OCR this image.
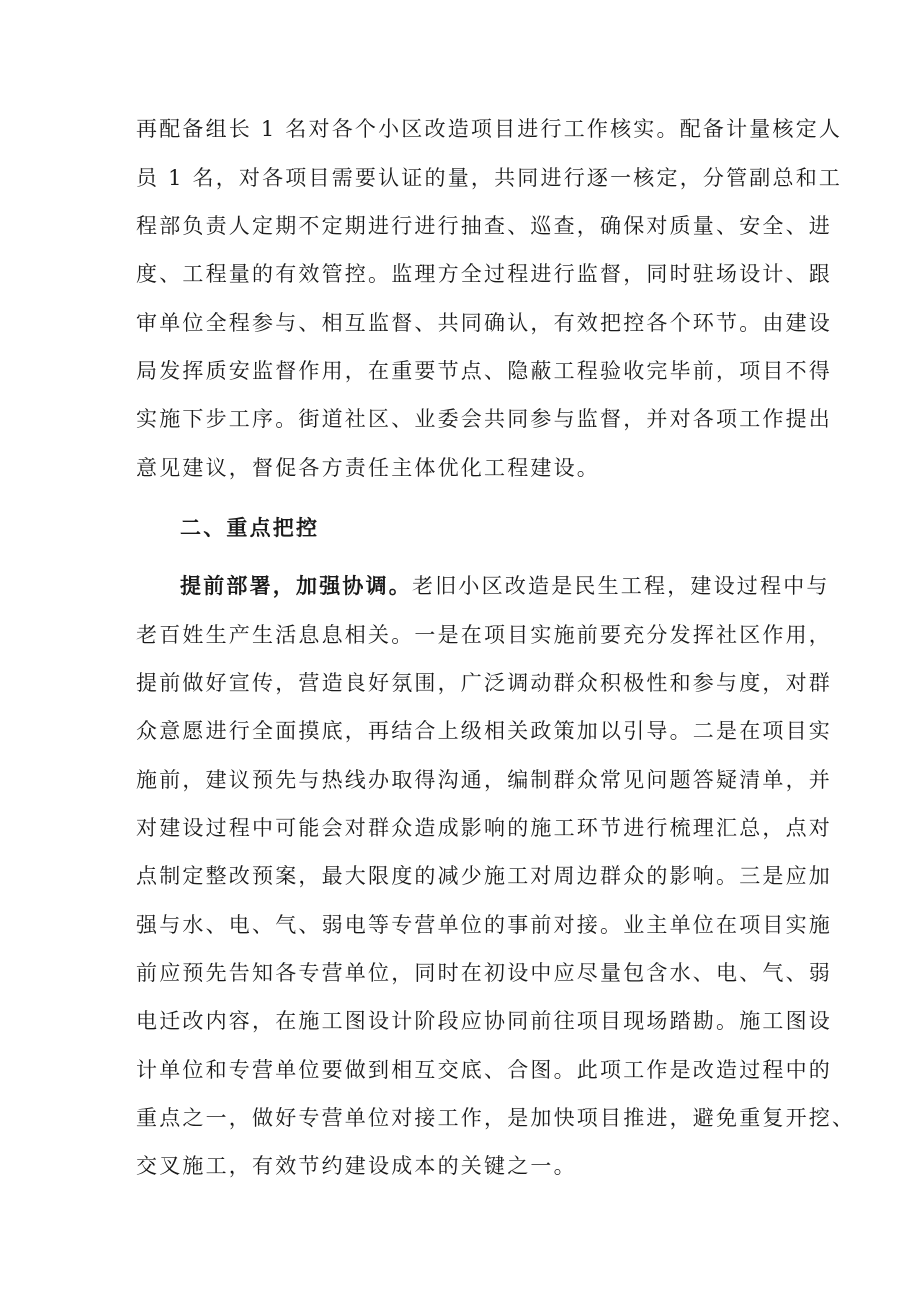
再配备组长 1 名对各个小区改造项目进行工作核实。配备计量核定人
员 1 名，对各项目需要认证的量，共同进行逐一核定，分管副总和工
程部负责人定期不定期进行进行抽查、巡查，确保对质量、安全、进
度、工程量的有效管控。监理方全过程进行监督，同时驻场设计、跟
审单位全程参与、相互监督、共同确认，有效把控各个环节。由建设
局发挥质安监督作用，在重要节点、隐蔽工程验收完毕前，项目不得
实施下步工序。街道社区、业委会共同参与监督，并对各项工作提出
意见建议，督促各方责任主体优化工程建设。
二、重点把控
提前部署，加强协调。老旧小区改造是民生工程，建设过程中与
老百姓生产生活息息相关。一是在项目实施前要充分发挥社区作用，
提前做好宣传，营造良好氛围，广泛调动群众积极性和参与度，对群
众意愿进行全面摸底，再结合上级相关政策加以引导。二是在项目实
施前，建议预先与热线办取得沟通，编制群众常见问题答疑清单，并
对建设过程中可能会对群众造成影响的施工环节进行梳理汇总，点对
点制定整改预案，最大限度的减少施工对周边群众的影响。三是应加
强与水、电、气、弱电等专营单位的事前对接。业主单位在项目实施
前应预先告知各专营单位，同时在初设中应尽量包含水、电、气、弱
电迁改内容，在施工图设计阶段应协同前往项目现场踏勘。施工图设
计单位和专营单位要做到相互交底、合图。此项工作是改造过程中的
重点之一，做好专营单位对接工作，是加快项目推进，避免重复开挖、
交叉施工，有效节约建设成本的关键之一。
